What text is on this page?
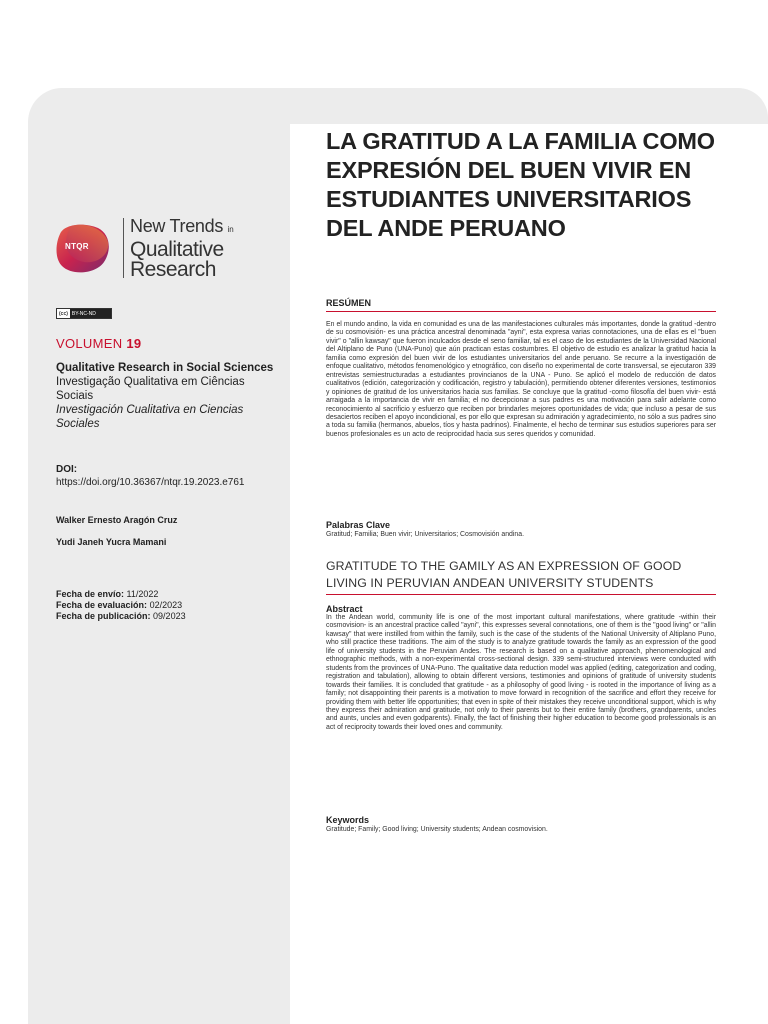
NTQR
New Trends in
Qualitative
Research
(cc) BY-NC-ND
VOLUMEN 19
Qualitative Research in Social Sciences
Investigação Qualitativa em Ciências Sociais
Investigación Cualitativa en Ciencias Sociales
DOI:
https://doi.org/10.36367/ntqr.19.2023.e761
Walker Ernesto Aragón Cruz
Yudi Janeh Yucra Mamani
Fecha de envío: 11/2022
Fecha de evaluación: 02/2023
Fecha de publicación: 09/2023
LA GRATITUD A LA FAMILIA COMO EXPRESIÓN DEL BUEN VIVIR EN ESTUDIANTES UNIVERSITARIOS DEL ANDE PERUANO
RESÚMEN

En el mundo andino, la vida en comunidad es una de las manifestaciones culturales más importantes, donde la gratitud -dentro de su cosmovisión- es una práctica ancestral denominada "ayni", esta expresa varias connotaciones, una de ellas es el "buen vivir" o "allin kawsay" que fueron inculcados desde el seno familiar, tal es el caso de los estudiantes de la Universidad Nacional del Altiplano de Puno (UNA-Puno) que aún practican estas costumbres. El objetivo de estudio es analizar la gratitud hacia la familia como expresión del buen vivir de los estudiantes universitarios del ande peruano. Se recurre a la investigación de enfoque cualitativo, métodos fenomenológico y etnográfico, con diseño no experimental de corte transversal, se ejecutaron 339 entrevistas semiestructuradas a estudiantes provincianos de la UNA - Puno. Se aplicó el modelo de reducción de datos cualitativos (edición, categorización y codificación, registro y tabulación), permitiendo obtener diferentes versiones, testimonios y opiniones de gratitud de los universitarios hacia sus familias. Se concluye que la gratitud -como filosofía del buen vivir- está arraigada a la importancia de vivir en familia; el no decepcionar a sus padres es una motivación para salir adelante como reconocimiento al sacrificio y esfuerzo que reciben por brindarles mejores oportunidades de vida; que incluso a pesar de sus desaciertos reciben el apoyo incondicional, es por ello que expresan su admiración y agradecimiento, no sólo a sus padres sino a toda su familia (hermanos, abuelos, tíos y hasta padrinos). Finalmente, el hecho de terminar sus estudios superiores para ser buenos profesionales es un acto de reciprocidad hacia sus seres queridos y comunidad.

Palabras Clave
Gratitud; Familia; Buen vivir; Universitarios; Cosmovisión andina.
GRATITUDE TO THE GAMILY AS AN EXPRESSION OF GOOD LIVING IN PERUVIAN ANDEAN UNIVERSITY STUDENTS
Abstract

In the Andean world, community life is one of the most important cultural manifestations, where gratitude -within their cosmovision- is an ancestral practice called "ayni", this expresses several connotations, one of them is the "good living" or "allin kawsay" that were instilled from within the family, such is the case of the students of the National University of Altiplano Puno, who still practice these traditions. The aim of the study is to analyze gratitude towards the family as an expression of the good life of university students in the Peruvian Andes. The research is based on a qualitative approach, phenomenological and ethnographic methods, with a non-experimental cross-sectional design. 339 semi-structured interviews were conducted with students from the provinces of UNA-Puno. The qualitative data reduction model was applied (editing, categorization and coding, registration and tabulation), allowing to obtain different versions, testimonies and opinions of gratitude of university students towards their families. It is concluded that gratitude - as a philosophy of good living - is rooted in the importance of living as a family; not disappointing their parents is a motivation to move forward in recognition of the sacrifice and effort they receive for providing them with better life opportunities; that even in spite of their mistakes they receive unconditional support, which is why they express their admiration and gratitude, not only to their parents but to their entire family (brothers, grandparents, uncles and aunts, uncles and even godparents). Finally, the fact of finishing their higher education to become good professionals is an act of reciprocity towards their loved ones and community.

Keywords
Gratitude; Family; Good living; University students; Andean cosmovision.
